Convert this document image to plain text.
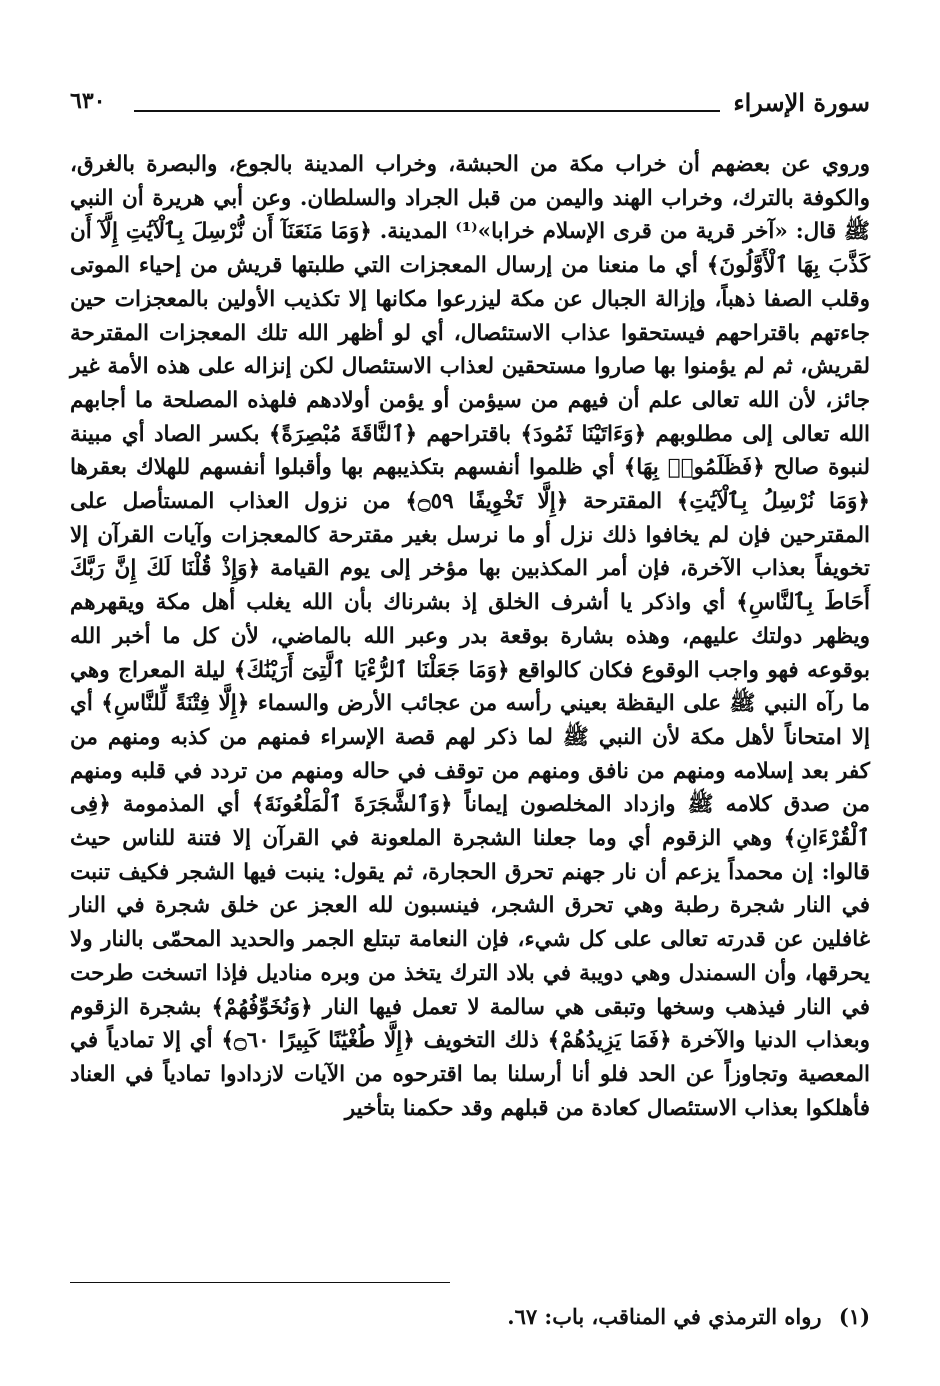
سورة الإسراء
٦٣٠

وروي عن بعضهم أن خراب مكة من الحبشة، وخراب المدينة بالجوع، والبصرة بالغرق، والكوفة بالترك، وخراب الهند واليمن من قبل الجراد والسلطان. وعن أبي هريرة أن النبي ﷺ قال: «آخر قرية من قرى الإسلام خرابا»⁽¹⁾ المدينة. ﴿وَمَا مَنَعَنَآ أَن نُّرْسِلَ بِٱلْآيَٰتِ إِلَّآ أَن كَذَّبَ بِهَا ٱلْأَوَّلُونَ﴾ أي ما منعنا من إرسال المعجزات التي طلبتها قريش من إحياء الموتى وقلب الصفا ذهباً، وإزالة الجبال عن مكة ليزرعوا مكانها إلا تكذيب الأولين بالمعجزات حين جاءتهم باقتراحهم فيستحقوا عذاب الاستئصال، أي لو أظهر الله تلك المعجزات المقترحة لقريش، ثم لم يؤمنوا بها صاروا مستحقين لعذاب الاستئصال لكن إنزاله على هذه الأمة غير جائز، لأن الله تعالى علم أن فيهم من سيؤمن أو يؤمن أولادهم فلهذه المصلحة ما أجابهم الله تعالى إلى مطلوبهم ﴿وَءَاتَيْنَا ثَمُودَ﴾ باقتراحهم ﴿ٱلنَّاقَةَ مُبْصِرَةً﴾ بكسر الصاد أي مبينة لنبوة صالح ﴿فَظَلَمُوا۟ بِهَا﴾ أي ظلموا أنفسهم بتكذيبهم بها وأقبلوا أنفسهم للهلاك بعقرها ﴿وَمَا نُرْسِلُ بِٱلْآيَٰتِ﴾ المقترحة ﴿إِلَّا تَخْوِيفًا ۝٥٩﴾ من نزول العذاب المستأصل على المقترحين فإن لم يخافوا ذلك نزل أو ما نرسل بغير مقترحة كالمعجزات وآيات القرآن إلا تخويفاً بعذاب الآخرة، فإن أمر المكذبين بها مؤخر إلى يوم القيامة ﴿وَإِذْ قُلْنَا لَكَ إِنَّ رَبَّكَ أَحَاطَ بِٱلنَّاسِ﴾ أي واذكر يا أشرف الخلق إذ بشرناك بأن الله يغلب أهل مكة ويقهرهم ويظهر دولتك عليهم، وهذه بشارة بوقعة بدر وعبر الله بالماضي، لأن كل ما أخبر الله بوقوعه فهو واجب الوقوع فكان كالواقع ﴿وَمَا جَعَلْنَا ٱلرُّءْيَا ٱلَّتِىٓ أَرَيْنَٰكَ﴾ ليلة المعراج وهي ما رآه النبي ﷺ على اليقظة بعيني رأسه من عجائب الأرض والسماء ﴿إِلَّا فِتْنَةً لِّلنَّاسِ﴾ أي إلا امتحاناً لأهل مكة لأن النبي ﷺ لما ذكر لهم قصة الإسراء فمنهم من كذبه ومنهم من كفر بعد إسلامه ومنهم من نافق ومنهم من توقف في حاله ومنهم من تردد في قلبه ومنهم من صدق كلامه ﷺ وازداد المخلصون إيماناً ﴿وَٱلشَّجَرَةَ ٱلْمَلْعُونَةَ﴾ أي المذمومة ﴿فِى ٱلْقُرْءَانِ﴾ وهي الزقوم أي وما جعلنا الشجرة الملعونة في القرآن إلا فتنة للناس حيث قالوا: إن محمداً يزعم أن نار جهنم تحرق الحجارة، ثم يقول: ينبت فيها الشجر فكيف تنبت في النار شجرة رطبة وهي تحرق الشجر، فينسبون لله العجز عن خلق شجرة في النار غافلين عن قدرته تعالى على كل شيء، فإن النعامة تبتلع الجمر والحديد المحمّى بالنار ولا يحرقها، وأن السمندل وهي دويبة في بلاد الترك يتخذ من وبره مناديل فإذا اتسخت طرحت في النار فيذهب وسخها وتبقى هي سالمة لا تعمل فيها النار ﴿وَنُخَوِّفُهُمْ﴾ بشجرة الزقوم وبعذاب الدنيا والآخرة ﴿فَمَا يَزِيدُهُمْ﴾ ذلك التخويف ﴿إِلَّا طُغْيَٰنًا كَبِيرًا ۝٦٠﴾ أي إلا تمادياً في المعصية وتجاوزاً عن الحد فلو أنا أرسلنا بما اقترحوه من الآيات لازدادوا تمادياً في العناد فأهلكوا بعذاب الاستئصال كعادة من قبلهم وقد حكمنا بتأخير

(١) رواه الترمذي في المناقب، باب: ٦٧.
